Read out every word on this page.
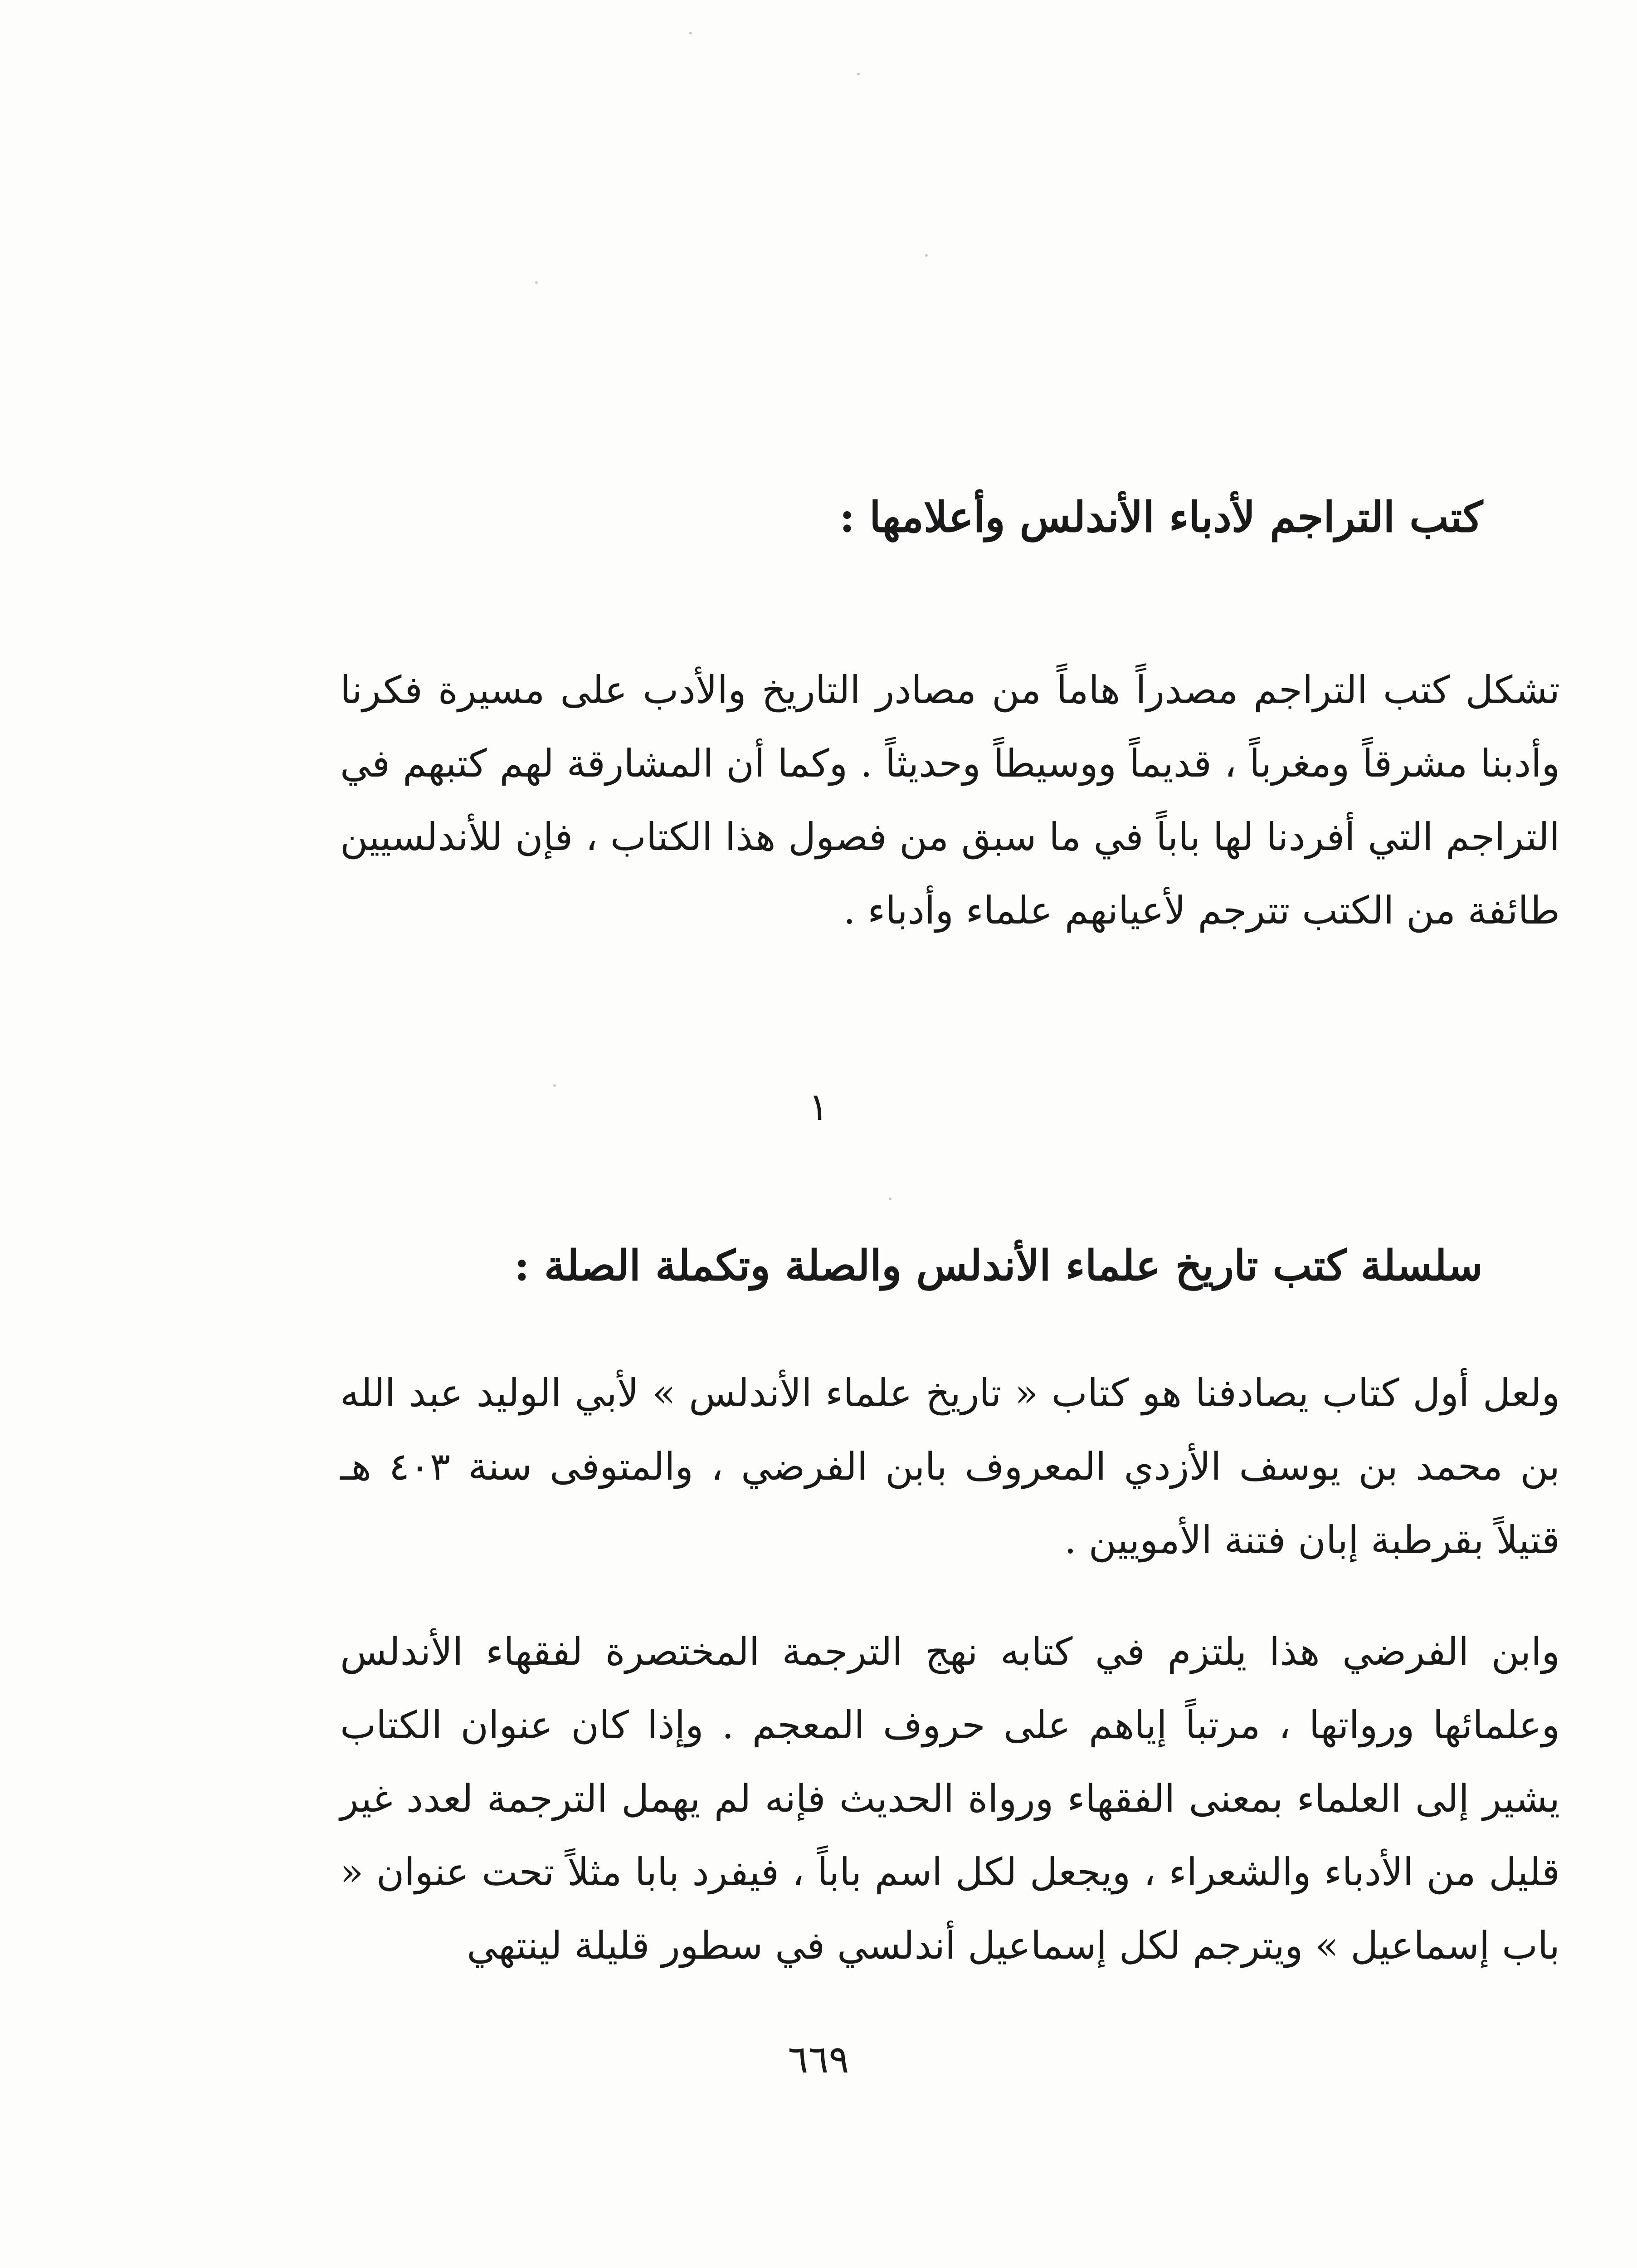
كتب التراجم لأدباء الأندلس وأعلامها :

تشكل كتب التراجم مصدراً هاماً من مصادر التاريخ والأدب على مسيرة فكرنا وأدبنا مشرقاً ومغرباً ، قديماً ووسيطاً وحديثاً . وكما أن المشارقة لهم كتبهم في التراجم التي أفردنا لها باباً في ما سبق من فصول هذا الكتاب ، فإن للأندلسيين طائفة من الكتب تترجم لأعيانهم علماء وأدباء .

١
سلسلة كتب تاريخ علماء الأندلس والصلة وتكملة الصلة :

ولعل أول كتاب يصادفنا هو كتاب « تاريخ علماء الأندلس » لأبي الوليد عبد الله بن محمد بن يوسف الأزدي المعروف بابن الفرضي ، والمتوفى سنة ٤٠٣ هـ قتيلاً بقرطبة إبان فتنة الأمويين .

وابن الفرضي هذا يلتزم في كتابه نهج الترجمة المختصرة لفقهاء الأندلس وعلمائها ورواتها ، مرتباً إياهم على حروف المعجم . وإذا كان عنوان الكتاب يشير إلى العلماء بمعنى الفقهاء ورواة الحديث فإنه لم يهمل الترجمة لعدد غير قليل من الأدباء والشعراء ، ويجعل لكل اسم باباً ، فيفرد بابا مثلاً تحت عنوان « باب إسماعيل » ويترجم لكل إسماعيل أندلسي في سطور قليلة لينتهي

٦٦٩
